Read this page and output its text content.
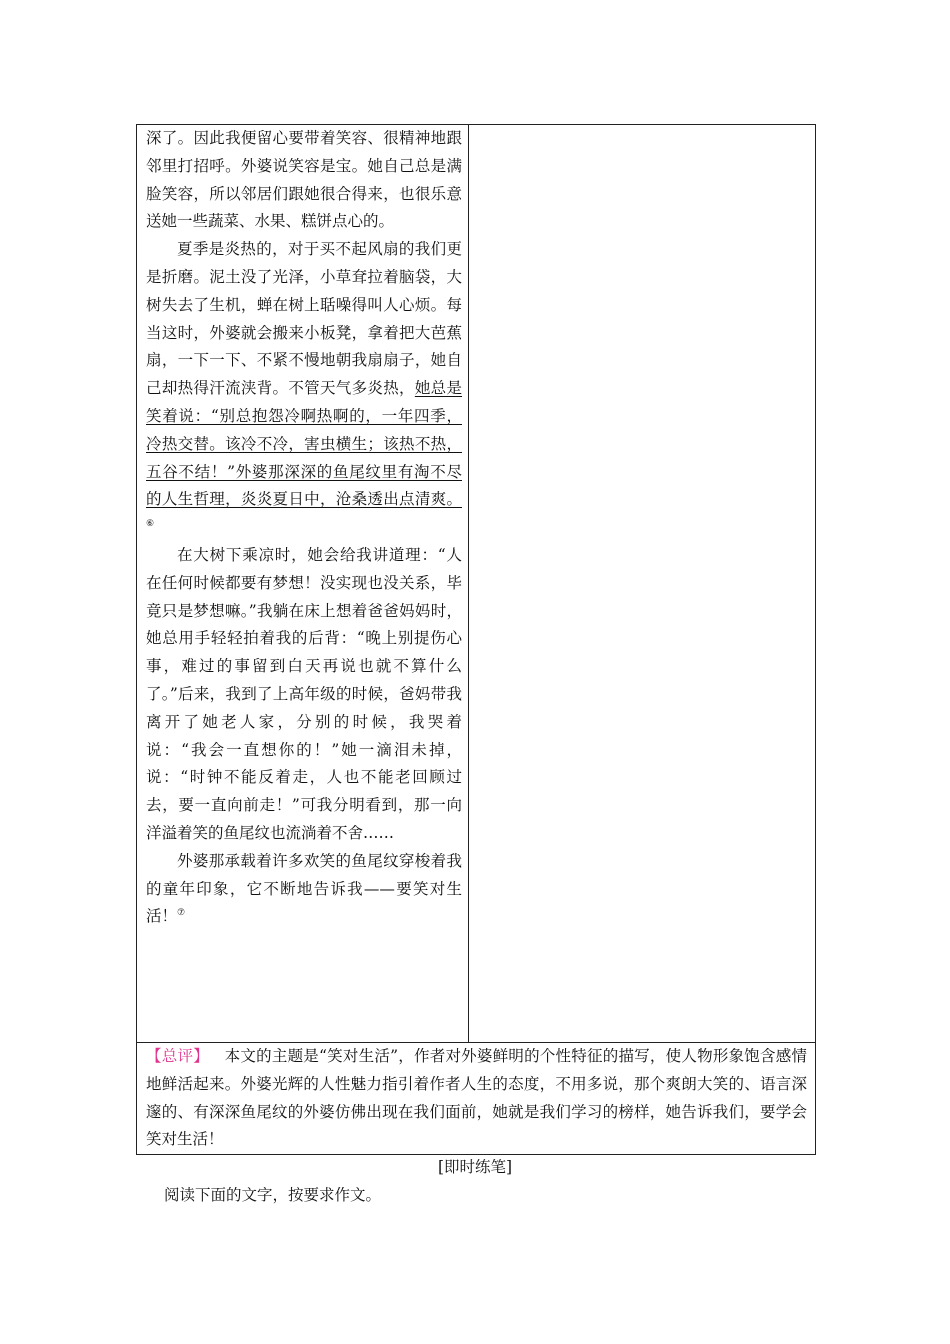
深了。因此我便留心要带着笑容、很精神地跟邻里打招呼。外婆说笑容是宝。她自己总是满脸笑容，所以邻居们跟她很合得来，也很乐意送她一些蔬菜、水果、糕饼点心的。

夏季是炎热的，对于买不起风扇的我们更是折磨。泥土没了光泽，小草耷拉着脑袋，大树失去了生机，蝉在树上聒噪得叫人心烦。每当这时，外婆就会搬来小板凳，拿着把大芭蕉扇，一下一下、不紧不慢地朝我扇扇子，她自己却热得汗流浃背。不管天气多炎热，她总是笑着说：“别总抱怨冷啊热啊的，一年四季，冷热交替。该冷不冷，害虫横生；该热不热，五谷不结！”外婆那深深的鱼尾纹里有淘不尽的人生哲理，炎炎夏日中，沧桑透出点清爽。⑥

在大树下乘凉时，她会给我讲道理：“人在任何时候都要有梦想！没实现也没关系，毕竟只是梦想嘛。”我躺在床上想着爸爸妈妈时，她总用手轻轻拍着我的后背：“晚上别提伤心事，难过的事留到白天再说也就不算什么了。”后来，我到了上高年级的时候，爸妈带我离开了她老人家，分别的时候，我哭着说：“我会一直想你的！”她一滴泪未掉，说：“时钟不能反着走，人也不能老回顾过去，要一直向前走！”可我分明看到，那一向洋溢着笑的鱼尾纹也流淌着不舍……

外婆那承载着许多欢笑的鱼尾纹穿梭着我的童年印象，它不断地告诉我——要笑对生活！⑦

【总评】  本文的主题是“笑对生活”，作者对外婆鲜明的个性特征的描写，使人物形象饱含感情地鲜活起来。外婆光辉的人性魅力指引着作者人生的态度，不用多说，那个爽朗大笑的、语言深邃的、有深深鱼尾纹的外婆仿佛出现在我们面前，她就是我们学习的榜样，她告诉我们，要学会笑对生活！
[即时练笔]
阅读下面的文字，按要求作文。
